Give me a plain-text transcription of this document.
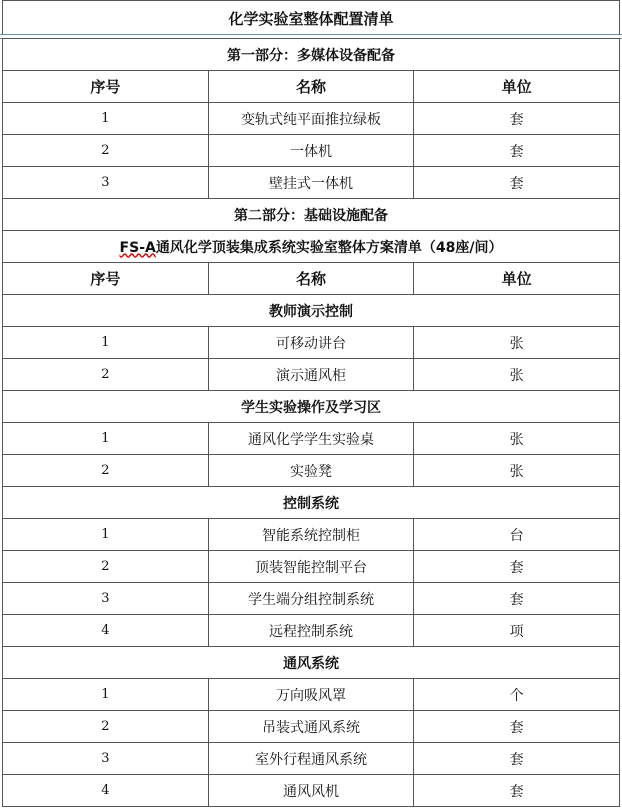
化学实验室整体配置清单
第一部分：多媒体设备配备		
序号	名称	单位
1	变轨式纯平面推拉绿板	套
2	一体机	套
3	壁挂式一体机	套
第二部分：基础设施配备		
FS-A通风化学顶装集成系统实验室整体方案清单（48座/间）		
序号	名称	单位
教师演示控制		
1	可移动讲台	张
2	演示通风柜	张
学生实验操作及学习区		
1	通风化学学生实验桌	张
2	实验凳	张
控制系统		
1	智能系统控制柜	台
2	顶装智能控制平台	套
3	学生端分组控制系统	套
4	远程控制系统	项
通风系统		
1	万向吸风罩	个
2	吊装式通风系统	套
3	室外行程通风系统	套
4	通风风机	套
